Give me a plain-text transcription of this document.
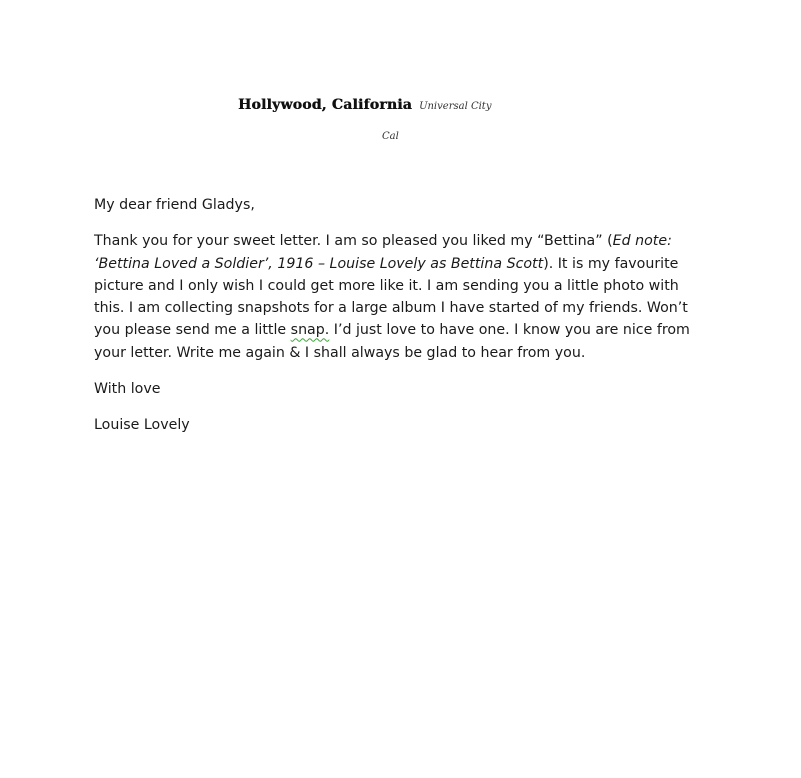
Hollywood, California Universal City
Cal

My dear friend Gladys,

Thank you for your sweet letter. I am so pleased you liked my “Bettina” (Ed note: ‘Bettina Loved a Soldier’, 1916 – Louise Lovely as Bettina Scott). It is my favourite picture and I only wish I could get more like it. I am sending you a little photo with this. I am collecting snapshots for a large album I have started of my friends. Won’t you please send me a little snap. I’d just love to have one. I know you are nice from your letter. Write me again & I shall always be glad to hear from you.

With love

Louise Lovely
